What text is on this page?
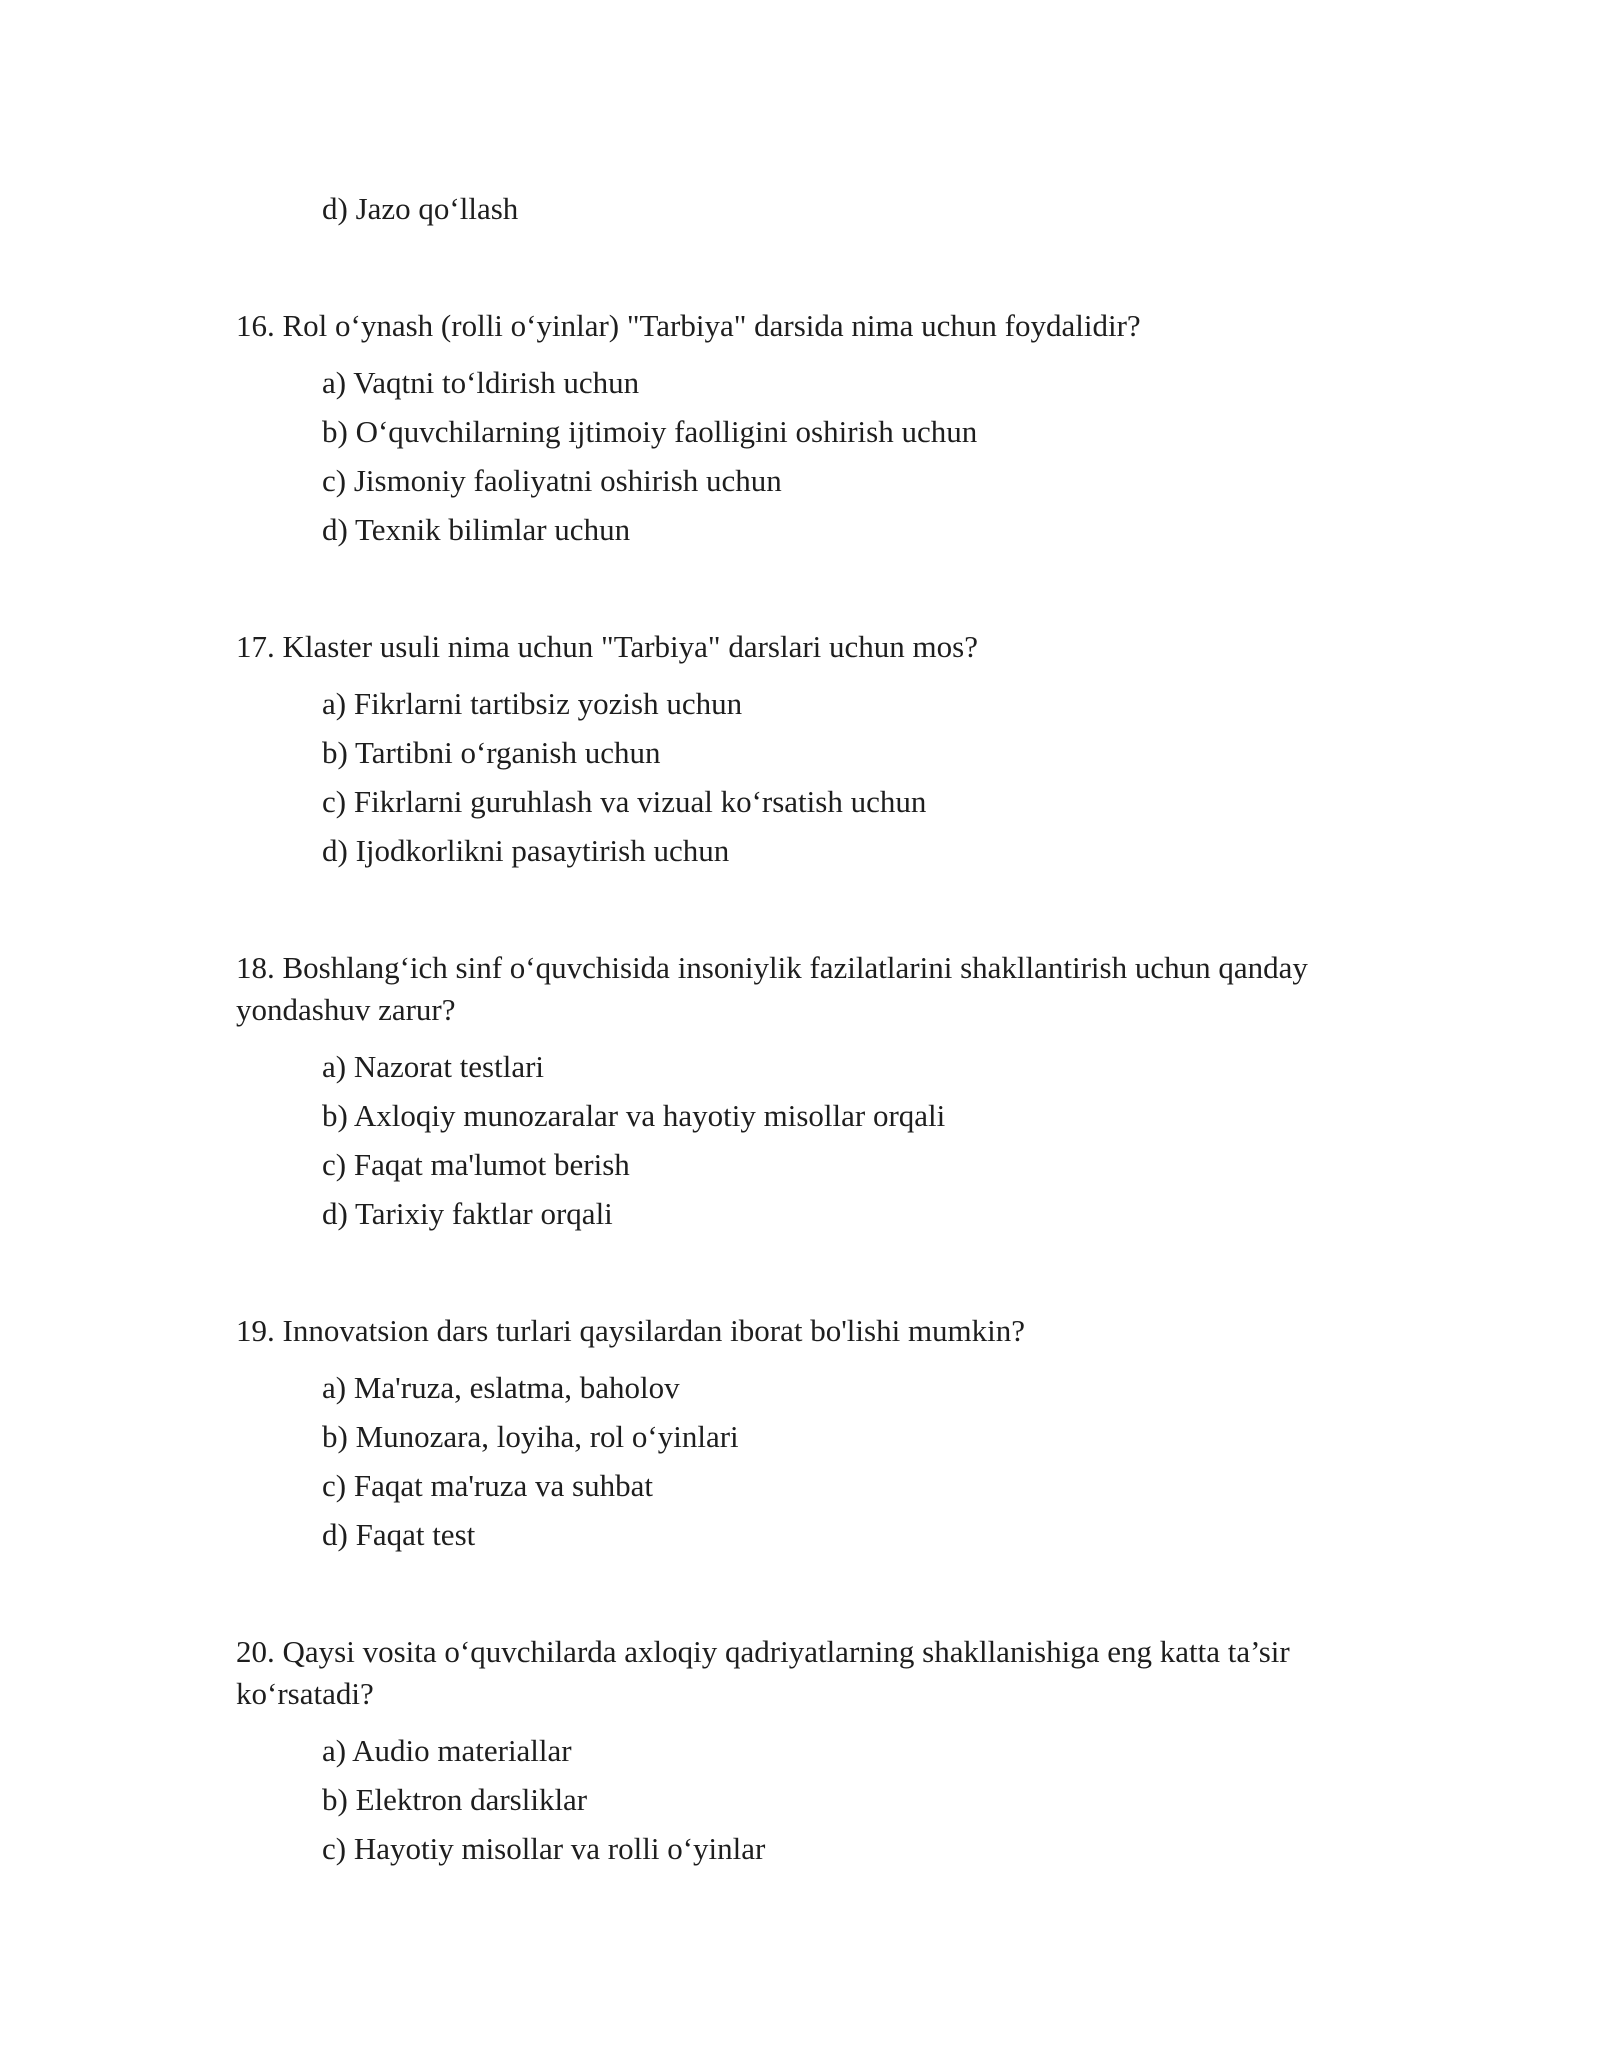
d) Jazo qo‘llash
16. Rol o‘ynash (rolli o‘yinlar) "Tarbiya" darsida nima uchun foydalidir?
a) Vaqtni to‘ldirish uchun
b) O‘quvchilarning ijtimoiy faolligini oshirish uchun
c) Jismoniy faoliyatni oshirish uchun
d) Texnik bilimlar uchun
17. Klaster usuli nima uchun "Tarbiya" darslari uchun mos?
a) Fikrlarni tartibsiz yozish uchun
b) Tartibni o‘rganish uchun
c) Fikrlarni guruhlash va vizual ko‘rsatish uchun
d) Ijodkorlikni pasaytirish uchun
18. Boshlang‘ich sinf o‘quvchisida insoniylik fazilatlarini shakllantirish uchun qanday
yondashuv zarur?
a) Nazorat testlari
b) Axloqiy munozaralar va hayotiy misollar orqali
c) Faqat ma'lumot berish
d) Tarixiy faktlar orqali
19. Innovatsion dars turlari qaysilardan iborat bo'lishi mumkin?
a) Ma'ruza, eslatma, baholov
b) Munozara, loyiha, rol o‘yinlari
c) Faqat ma'ruza va suhbat
d) Faqat test
20. Qaysi vosita o‘quvchilarda axloqiy qadriyatlarning shakllanishiga eng katta ta’sir
ko‘rsatadi?
a) Audio materiallar
b) Elektron darsliklar
c) Hayotiy misollar va rolli o‘yinlar
